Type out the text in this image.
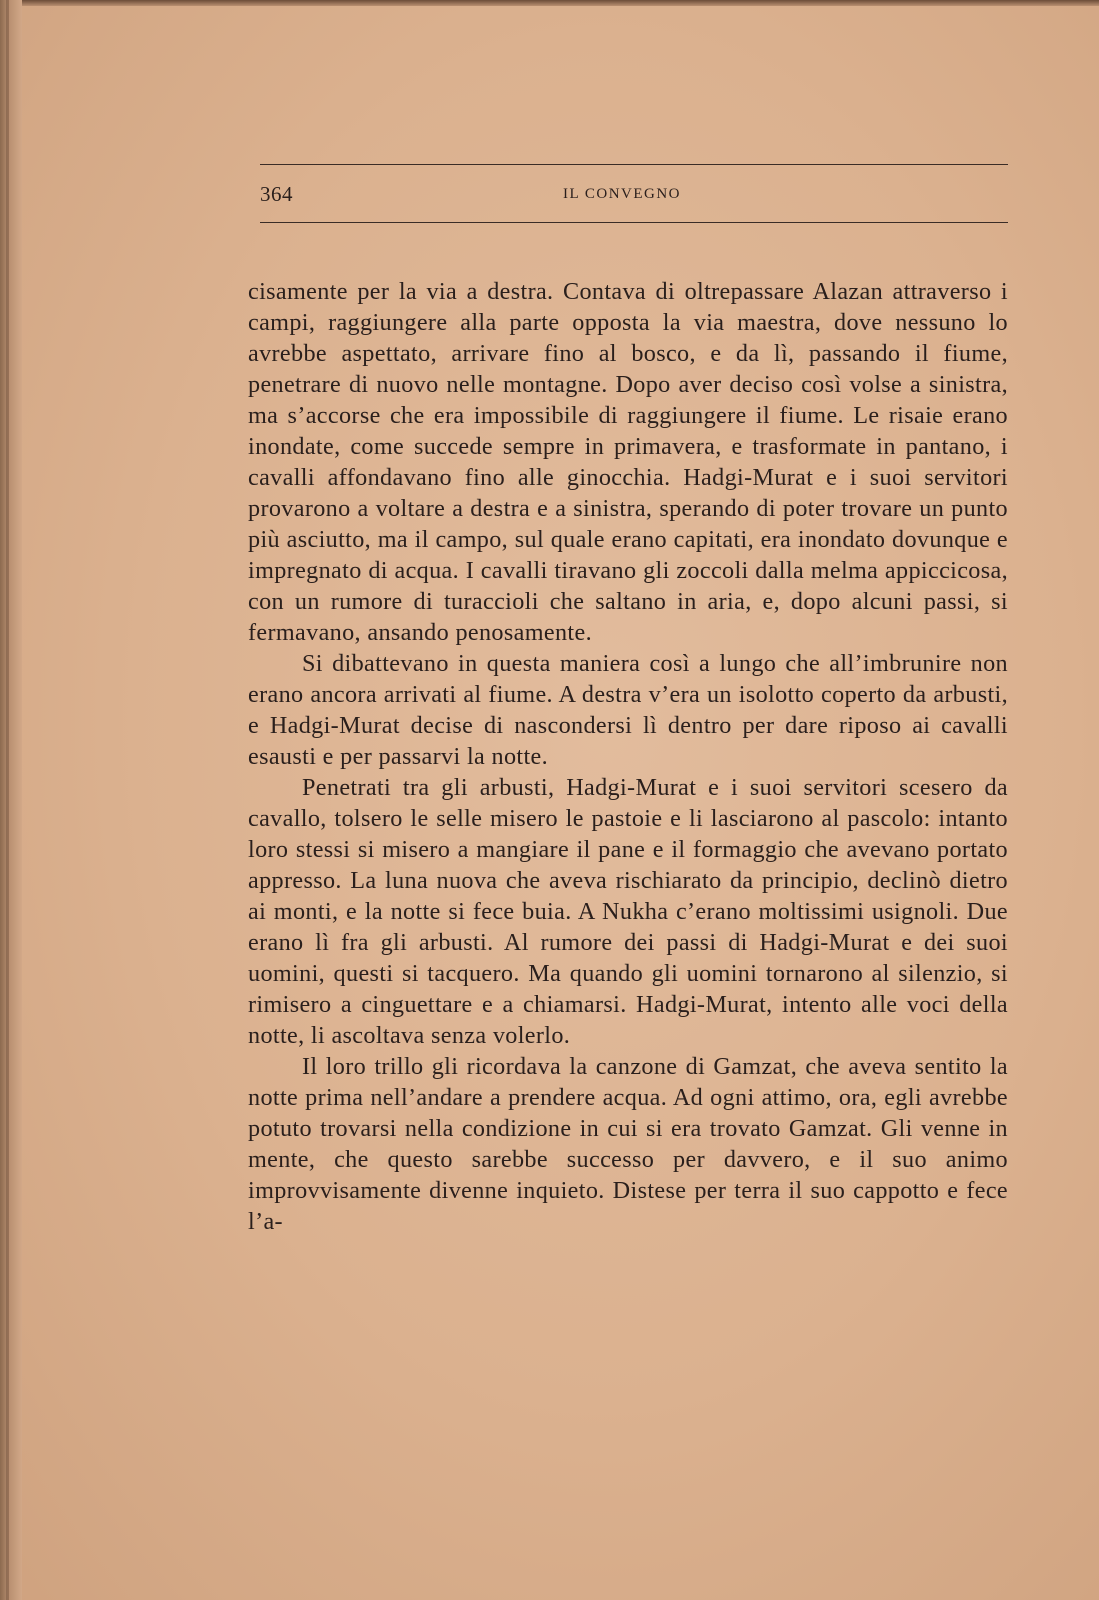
364	IL CONVEGNO

cisamente per la via a destra. Contava di oltrepassare Alazan attraverso i campi, raggiungere alla parte opposta la via maestra, dove nessuno lo avrebbe aspettato, arrivare fino al bosco, e da lì, passando il fiume, penetrare di nuovo nelle montagne. Dopo aver deciso così volse a sinistra, ma s’accorse che era impossibile di raggiungere il fiume. Le risaie erano inondate, come succede sempre in primavera, e trasformate in pantano, i cavalli affondavano fino alle ginocchia. Hadgi-Murat e i suoi servitori provarono a voltare a destra e a sinistra, sperando di poter trovare un punto più asciutto, ma il campo, sul quale erano capitati, era inondato dovunque e impregnato di acqua. I cavalli tiravano gli zoccoli dalla melma appiccicosa, con un rumore di turaccioli che saltano in aria, e, dopo alcuni passi, si fermavano, ansando penosamente.

Si dibattevano in questa maniera così a lungo che all’imbrunire non erano ancora arrivati al fiume. A destra v’era un isolotto coperto da arbusti, e Hadgi-Murat decise di nascondersi lì dentro per dare riposo ai cavalli esausti e per passarvi la notte.

Penetrati tra gli arbusti, Hadgi-Murat e i suoi servitori scesero da cavallo, tolsero le selle misero le pastoie e li lasciarono al pascolo: intanto loro stessi si misero a mangiare il pane e il formaggio che avevano portato appresso. La luna nuova che aveva rischiarato da principio, declinò dietro ai monti, e la notte si fece buia. A Nukha c’erano moltissimi usignoli. Due erano lì fra gli arbusti. Al rumore dei passi di Hadgi-Murat e dei suoi uomini, questi si tacquero. Ma quando gli uomini tornarono al silenzio, si rimisero a cinguettare e a chiamarsi. Hadgi-Murat, intento alle voci della notte, li ascoltava senza volerlo.

Il loro trillo gli ricordava la canzone di Gamzat, che aveva sentito la notte prima nell’andare a prendere acqua. Ad ogni attimo, ora, egli avrebbe potuto trovarsi nella condizione in cui si era trovato Gamzat. Gli venne in mente, che questo sarebbe successo per davvero, e il suo animo improvvisamente divenne inquieto. Distese per terra il suo cappotto e fece l’a-
